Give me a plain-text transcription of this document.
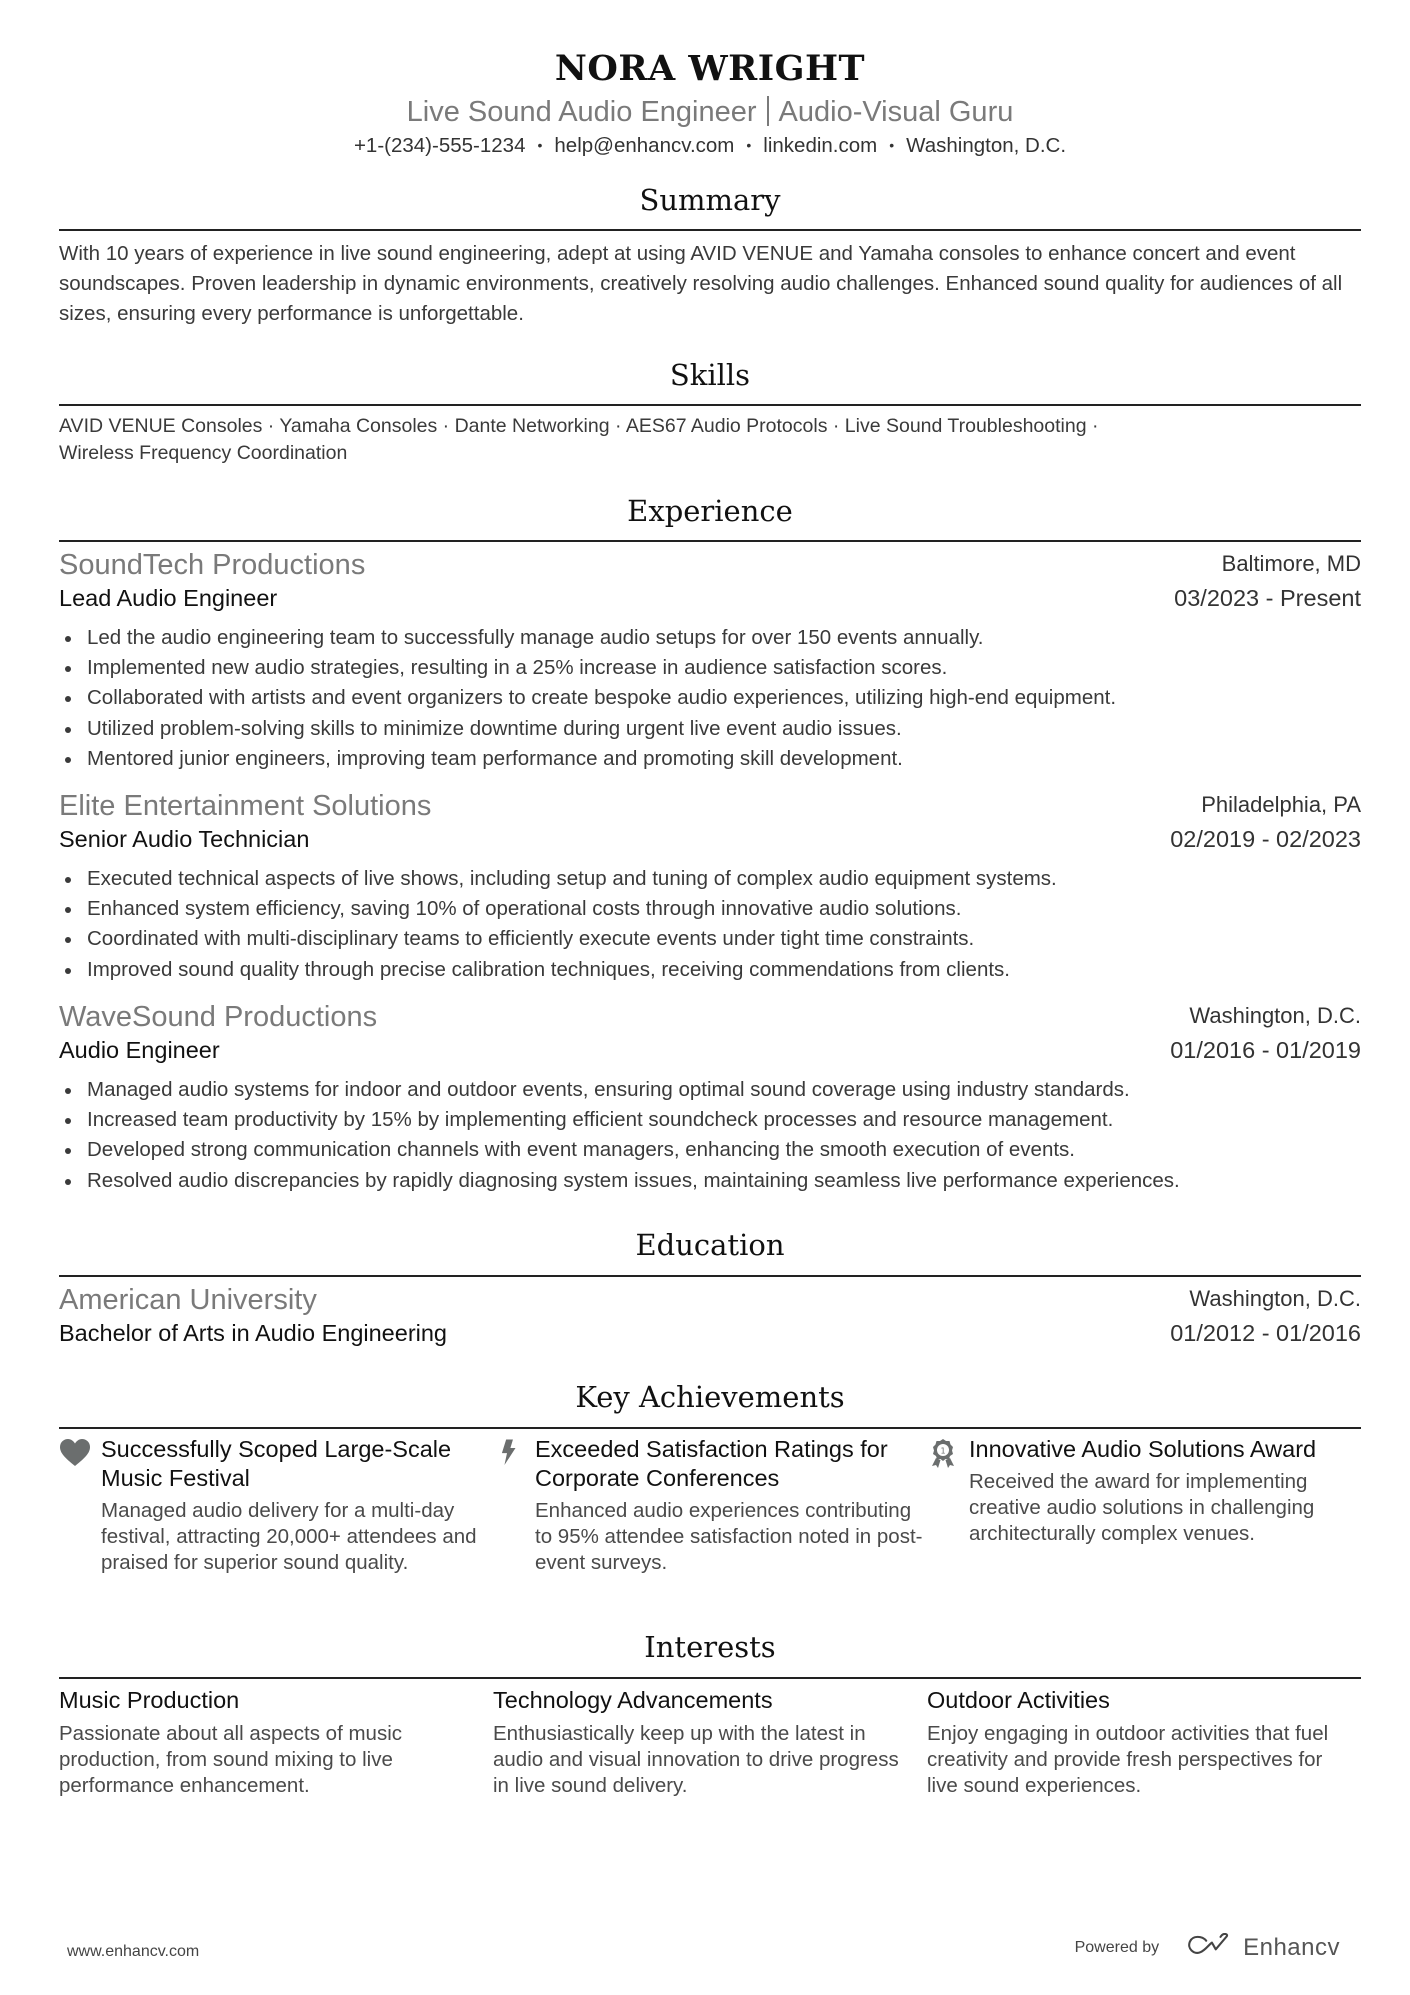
NORA WRIGHT
Live Sound Audio Engineer Audio-Visual Guru
+1-(234)-555-1234 • help@enhancv.com • linkedin.com • Washington, D.C.
Summary
With 10 years of experience in live sound engineering, adept at using AVID VENUE and Yamaha consoles to enhance concert and event soundscapes. Proven leadership in dynamic environments, creatively resolving audio challenges. Enhanced sound quality for audiences of all sizes, ensuring every performance is unforgettable.
Skills
AVID VENUE Consoles · Yamaha Consoles · Dante Networking · AES67 Audio Protocols · Live Sound Troubleshooting ·
Wireless Frequency Coordination
Experience
SoundTech Productions	Baltimore, MD
Lead Audio Engineer	03/2023 - Present
Led the audio engineering team to successfully manage audio setups for over 150 events annually.
Implemented new audio strategies, resulting in a 25% increase in audience satisfaction scores.
Collaborated with artists and event organizers to create bespoke audio experiences, utilizing high-end equipment.
Utilized problem-solving skills to minimize downtime during urgent live event audio issues.
Mentored junior engineers, improving team performance and promoting skill development.
Elite Entertainment Solutions	Philadelphia, PA
Senior Audio Technician	02/2019 - 02/2023
Executed technical aspects of live shows, including setup and tuning of complex audio equipment systems.
Enhanced system efficiency, saving 10% of operational costs through innovative audio solutions.
Coordinated with multi-disciplinary teams to efficiently execute events under tight time constraints.
Improved sound quality through precise calibration techniques, receiving commendations from clients.
WaveSound Productions	Washington, D.C.
Audio Engineer	01/2016 - 01/2019
Managed audio systems for indoor and outdoor events, ensuring optimal sound coverage using industry standards.
Increased team productivity by 15% by implementing efficient soundcheck processes and resource management.
Developed strong communication channels with event managers, enhancing the smooth execution of events.
Resolved audio discrepancies by rapidly diagnosing system issues, maintaining seamless live performance experiences.
Education
American University	Washington, D.C.
Bachelor of Arts in Audio Engineering	01/2012 - 01/2016
Key Achievements
Successfully Scoped Large-Scale Music Festival
Managed audio delivery for a multi-day festival, attracting 20,000+ attendees and praised for superior sound quality.
Exceeded Satisfaction Ratings for Corporate Conferences
Enhanced audio experiences contributing to 95% attendee satisfaction noted in post-event surveys.
1 Innovative Audio Solutions Award
Received the award for implementing creative audio solutions in challenging architecturally complex venues.
Interests
Music Production
Passionate about all aspects of music production, from sound mixing to live performance enhancement.
Technology Advancements
Enthusiastically keep up with the latest in audio and visual innovation to drive progress in live sound delivery.
Outdoor Activities
Enjoy engaging in outdoor activities that fuel creativity and provide fresh perspectives for live sound experiences.
www.enhancv.com	Powered by	Enhancv
